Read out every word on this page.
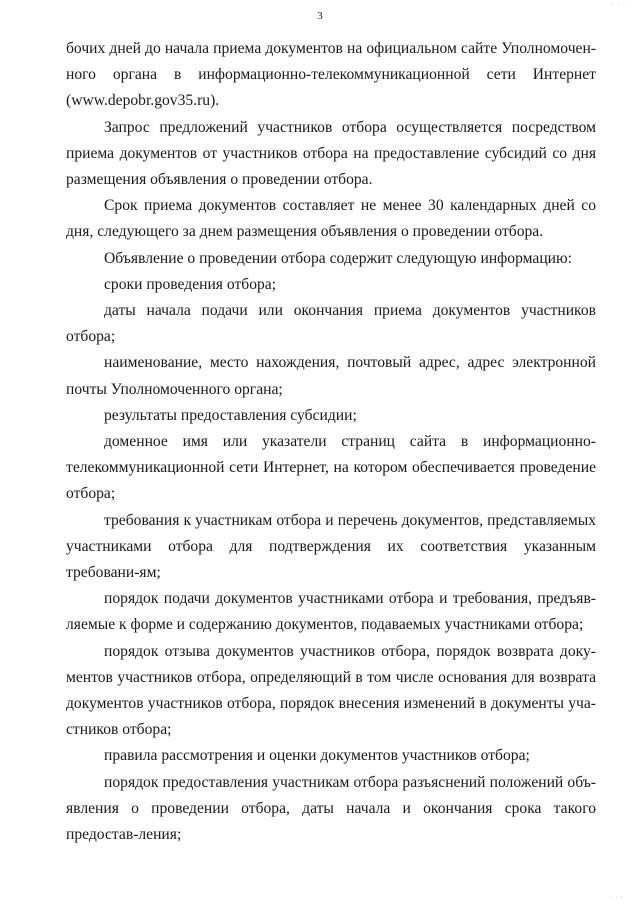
3

бочих дней до начала приема документов на официальном сайте Уполномочен-ного органа в информационно-телекоммуникационной сети Интернет (www.depobr.gov35.ru).

Запрос предложений участников отбора осуществляется посредством приема документов от участников отбора на предоставление субсидий со дня размещения объявления о проведении отбора.

Срок приема документов составляет не менее 30 календарных дней со дня, следующего за днем размещения объявления о проведении отбора.

Объявление о проведении отбора содержит следующую информацию:

сроки проведения отбора;

даты начала подачи или окончания приема документов участников отбора;

наименование, место нахождения, почтовый адрес, адрес электронной почты Уполномоченного органа;

результаты предоставления субсидии;

доменное имя или указатели страниц сайта в информационно-телекоммуникационной сети Интернет, на котором обеспечивается проведение отбора;

требования к участникам отбора и перечень документов, представляемых участниками отбора для подтверждения их соответствия указанным требовани-ям;

порядок подачи документов участниками отбора и требования, предъяв-ляемые к форме и содержанию документов, подаваемых участниками отбора;

порядок отзыва документов участников отбора, порядок возврата доку-ментов участников отбора, определяющий в том числе основания для возврата документов участников отбора, порядок внесения изменений в документы уча-стников отбора;

правила рассмотрения и оценки документов участников отбора;

порядок предоставления участникам отбора разъяснений положений объ-явления о проведении отбора, даты начала и окончания срока такого предостав-ления;

· · ·
· · ·
